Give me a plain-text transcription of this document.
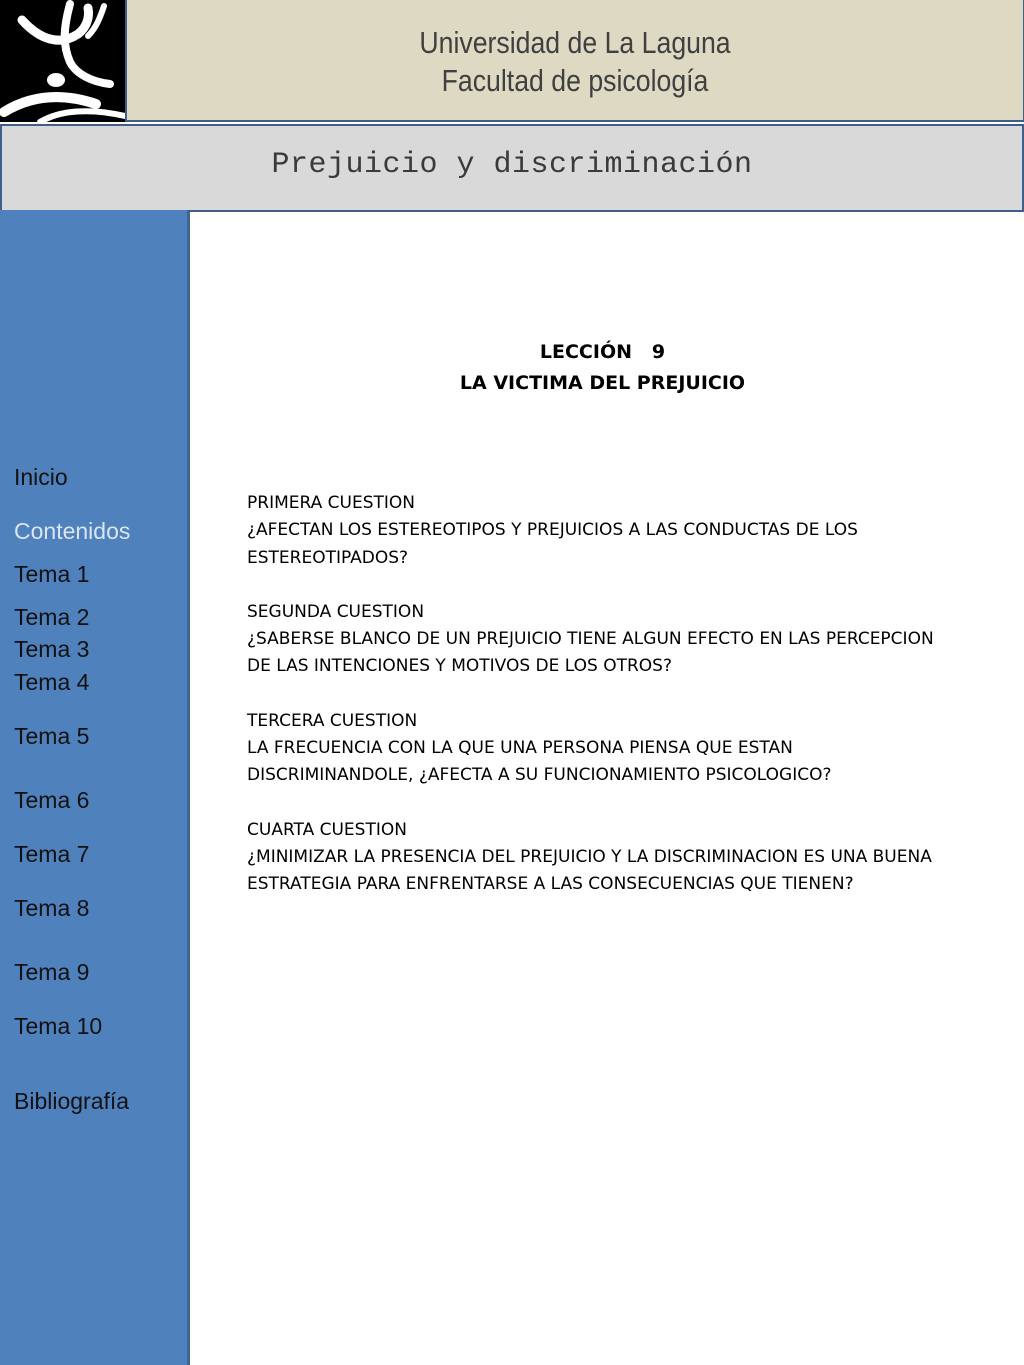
Universidad de La Laguna
Facultad de psicología
Prejuicio y discriminación
Inicio
Contenidos
Tema 1
Tema 2
Tema 3
Tema 4
Tema 5
Tema 6
Tema 7
Tema 8
Tema 9
Tema 10
Bibliografía
LECCIÓN   9
LA VICTIMA DEL PREJUICIO
PRIMERA CUESTION
¿AFECTAN LOS ESTEREOTIPOS Y PREJUICIOS A LAS CONDUCTAS DE LOS ESTEREOTIPADOS?
SEGUNDA CUESTION
¿SABERSE BLANCO DE UN PREJUICIO TIENE ALGUN EFECTO EN LAS PERCEPCION DE LAS INTENCIONES Y MOTIVOS DE LOS OTROS?
TERCERA CUESTION
LA FRECUENCIA CON LA QUE UNA PERSONA PIENSA QUE ESTAN DISCRIMINANDOLE, ¿AFECTA A SU FUNCIONAMIENTO PSICOLOGICO?
CUARTA CUESTION
¿MINIMIZAR LA PRESENCIA DEL PREJUICIO Y LA DISCRIMINACION ES UNA BUENA ESTRATEGIA PARA ENFRENTARSE A LAS CONSECUENCIAS QUE TIENEN?
